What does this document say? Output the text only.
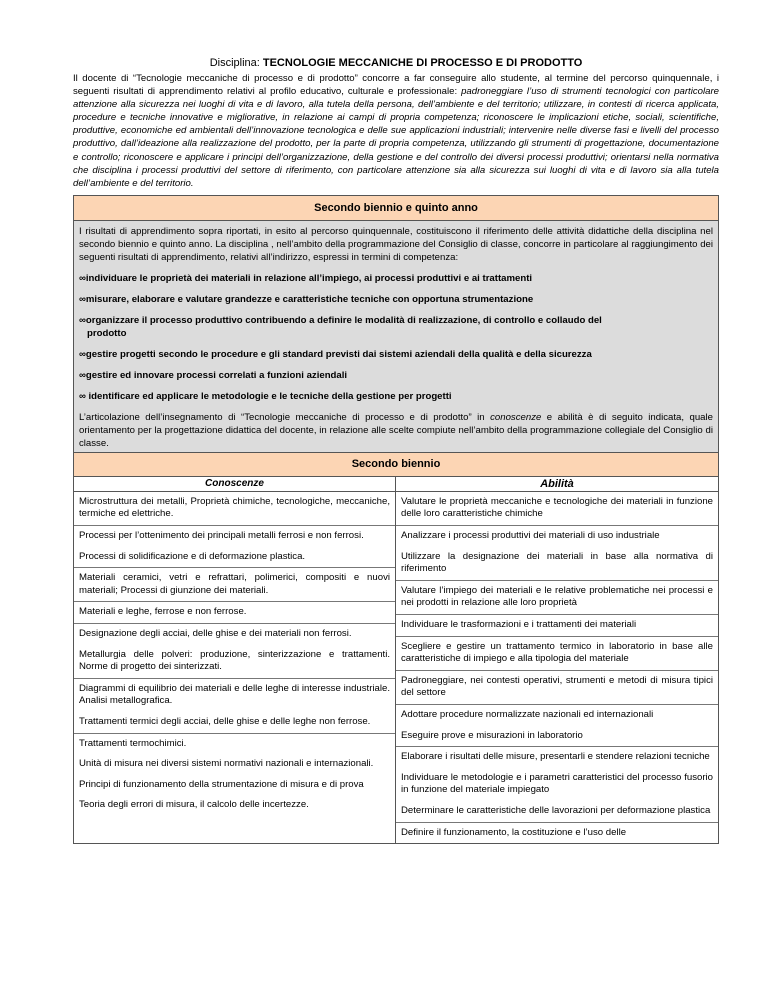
Disciplina: TECNOLOGIE MECCANICHE DI PROCESSO E DI PRODOTTO
Il docente di “Tecnologie meccaniche di processo e di prodotto” concorre a far conseguire allo studente, al termine del percorso quinquennale, i seguenti risultati di apprendimento relativi al profilo educativo, culturale e professionale: padroneggiare l’uso di strumenti tecnologici con particolare attenzione alla sicurezza nei luoghi di vita e di lavoro, alla tutela della persona, dell’ambiente e del territorio; utilizzare, in contesti di ricerca applicata, procedure e tecniche innovative e migliorative, in relazione ai campi di propria competenza; riconoscere le implicazioni etiche, sociali, scientifiche, produttive, economiche ed ambientali dell’innovazione tecnologica e delle sue applicazioni industriali; intervenire nelle diverse fasi e livelli del processo produttivo, dall’ideazione alla realizzazione del prodotto, per la parte di propria competenza, utilizzando gli strumenti di progettazione, documentazione e controllo; riconoscere e applicare i principi dell’organizzazione, della gestione e del controllo dei diversi processi produttivi; orientarsi nella normativa che disciplina i processi produttivi del settore di riferimento, con particolare attenzione sia alla sicurezza sui luoghi di vita e di lavoro sia alla tutela dell’ambiente e del territorio.
Secondo biennio e quinto anno

I risultati di apprendimento sopra riportati, in esito al percorso quinquennale, costituiscono il riferimento delle attività didattiche della disciplina nel secondo biennio e quinto anno. La disciplina , nell’ambito della programmazione del Consiglio di classe, concorre in particolare al raggiungimento dei seguenti risultati di apprendimento, relativi all’indirizzo, espressi in termini di competenza:

∞individuare le proprietà dei materiali in relazione all’impiego, ai processi produttivi e ai trattamenti

∞misurare, elaborare e valutare grandezze e caratteristiche tecniche con opportuna strumentazione

∞organizzare il processo produttivo contribuendo a definire le modalità di realizzazione, di controllo e collaudo del

prodotto

∞gestire progetti secondo le procedure e gli standard previsti dai sistemi aziendali della qualità e della sicurezza

∞gestire ed innovare processi correlati a funzioni aziendali

∞ identificare ed applicare le metodologie e le tecniche della gestione per progetti

L’articolazione dell’insegnamento di “Tecnologie meccaniche di processo e di prodotto” in conoscenze e abilità è di seguito indicata, quale orientamento per la progettazione didattica del docente, in relazione alle scelte compiute nell’ambito della programmazione collegiale del Consiglio di classe.

Secondo biennio
Conoscenze
Microstruttura dei metalli, Proprietà chimiche, tecnologiche, meccaniche, termiche ed elettriche.
Processi per l’ottenimento dei principali metalli ferrosi e non ferrosi.
Processi di solidificazione e di deformazione plastica.
Materiali ceramici, vetri e refrattari, polimerici, compositi e nuovi materiali; Processi di giunzione dei materiali.
Materiali e leghe, ferrose e non ferrose.
Designazione degli acciai, delle ghise e dei materiali non ferrosi.
Metallurgia delle polveri: produzione, sinterizzazione e trattamenti. Norme di progetto dei sinterizzati.
Diagrammi di equilibrio dei materiali e delle leghe di interesse industriale. Analisi metallografica.
Trattamenti termici degli acciai, delle ghise e delle leghe non ferrose.
Trattamenti termochimici.
Unità di misura nei diversi sistemi normativi nazionali e internazionali.
Principi di funzionamento della strumentazione di misura e di prova
Teoria degli errori di misura, il calcolo delle incertezze.
Abilità
Valutare le proprietà meccaniche e tecnologiche dei materiali in funzione delle loro caratteristiche chimiche
Analizzare i processi produttivi dei materiali di uso industriale
Utilizzare la designazione dei materiali in base alla normativa di riferimento
Valutare l’impiego dei materiali e le relative problematiche nei processi e nei prodotti in relazione alle loro proprietà
Individuare le trasformazioni e i trattamenti dei materiali
Scegliere e gestire un trattamento termico in laboratorio in base alle caratteristiche di impiego e alla tipologia del materiale
Padroneggiare, nei contesti operativi, strumenti e metodi di misura tipici del settore
Adottare procedure normalizzate nazionali ed internazionali
Eseguire prove e misurazioni in laboratorio
Elaborare i risultati delle misure, presentarli e stendere relazioni tecniche
Individuare le metodologie e i parametri caratteristici del processo fusorio in funzione del materiale impiegato
Determinare le caratteristiche delle lavorazioni per deformazione plastica
Definire il funzionamento, la costituzione e l’uso delle
